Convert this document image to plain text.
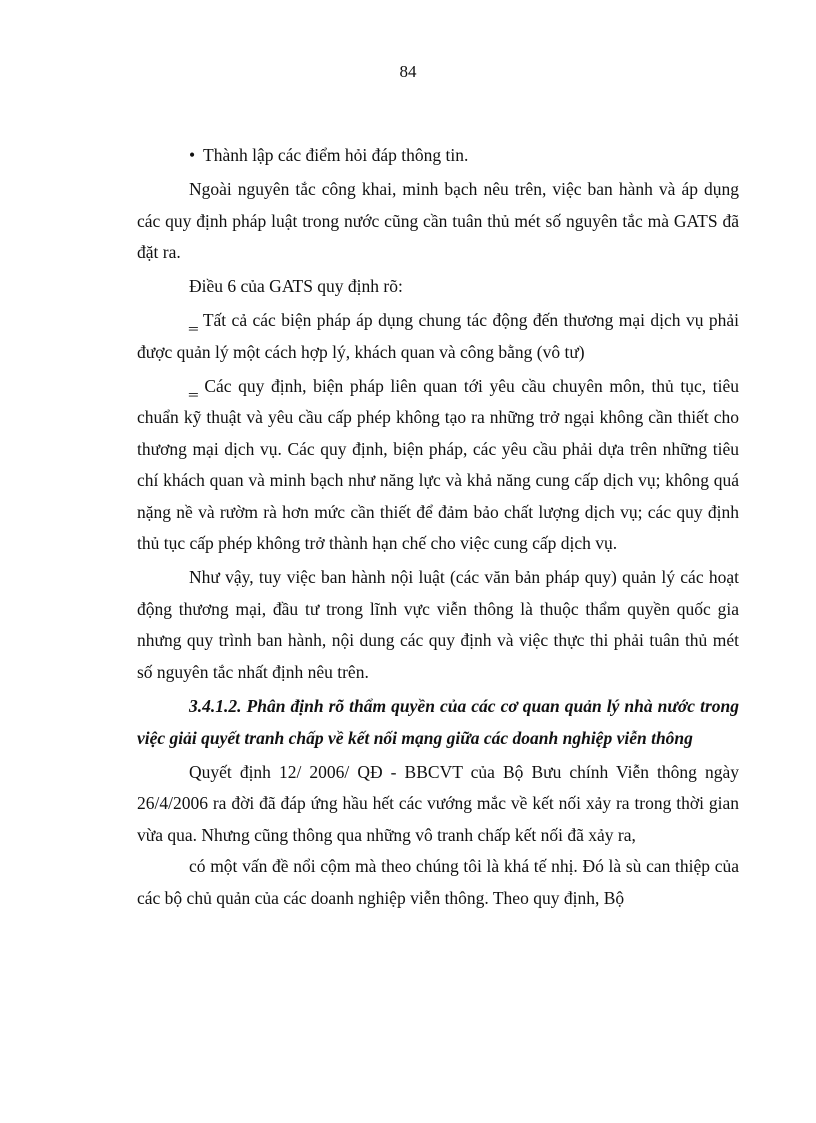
84

• Thành lập các điểm hỏi đáp thông tin.

Ngoài nguyên tắc công khai, minh bạch nêu trên, việc ban hành và áp dụng các quy định pháp luật trong nước cũng cần tuân thủ mét số nguyên tắc mà GATS đã đặt ra.

Điều 6 của GATS quy định rõ:

‗ Tất cả các biện pháp áp dụng chung tác động đến thương mại dịch vụ phải được quản lý một cách hợp lý, khách quan và công bằng (vô tư)

‗ Các quy định, biện pháp liên quan tới yêu cầu chuyên môn, thủ tục, tiêu chuẩn kỹ thuật và yêu cầu cấp phép không tạo ra những trở ngại không cần thiết cho thương mại dịch vụ. Các quy định, biện pháp, các yêu cầu phải dựa trên những tiêu chí khách quan và minh bạch như năng lực và khả năng cung cấp dịch vụ; không quá nặng nề và rườm rà hơn mức cần thiết để đảm bảo chất lượng dịch vụ; các quy định thủ tục cấp phép không trở thành hạn chế cho việc cung cấp dịch vụ.

Như vậy, tuy việc ban hành nội luật (các văn bản pháp quy) quản lý các hoạt động thương mại, đầu tư trong lĩnh vực viễn thông là thuộc thẩm quyền quốc gia nhưng quy trình ban hành, nội dung các quy định và việc thực thi phải tuân thủ mét số nguyên tắc nhất định nêu trên.

3.4.1.2. Phân định rõ thẩm quyền của các cơ quan quản lý nhà nước trong việc giải quyết tranh chấp về kết nối mạng giữa các doanh nghiệp viễn thông

Quyết định 12/ 2006/ QĐ - BBCVT của Bộ Bưu chính Viễn thông ngày 26/4/2006 ra đời đã đáp ứng hầu hết các vướng mắc về kết nối xảy ra trong thời gian vừa qua. Nhưng cũng thông qua những vô tranh chấp kết nối đã xảy ra,

có một vấn đề nổi cộm mà theo chúng tôi là khá tế nhị. Đó là sù can thiệp của các bộ chủ quản của các doanh nghiệp viễn thông. Theo quy định, Bộ
